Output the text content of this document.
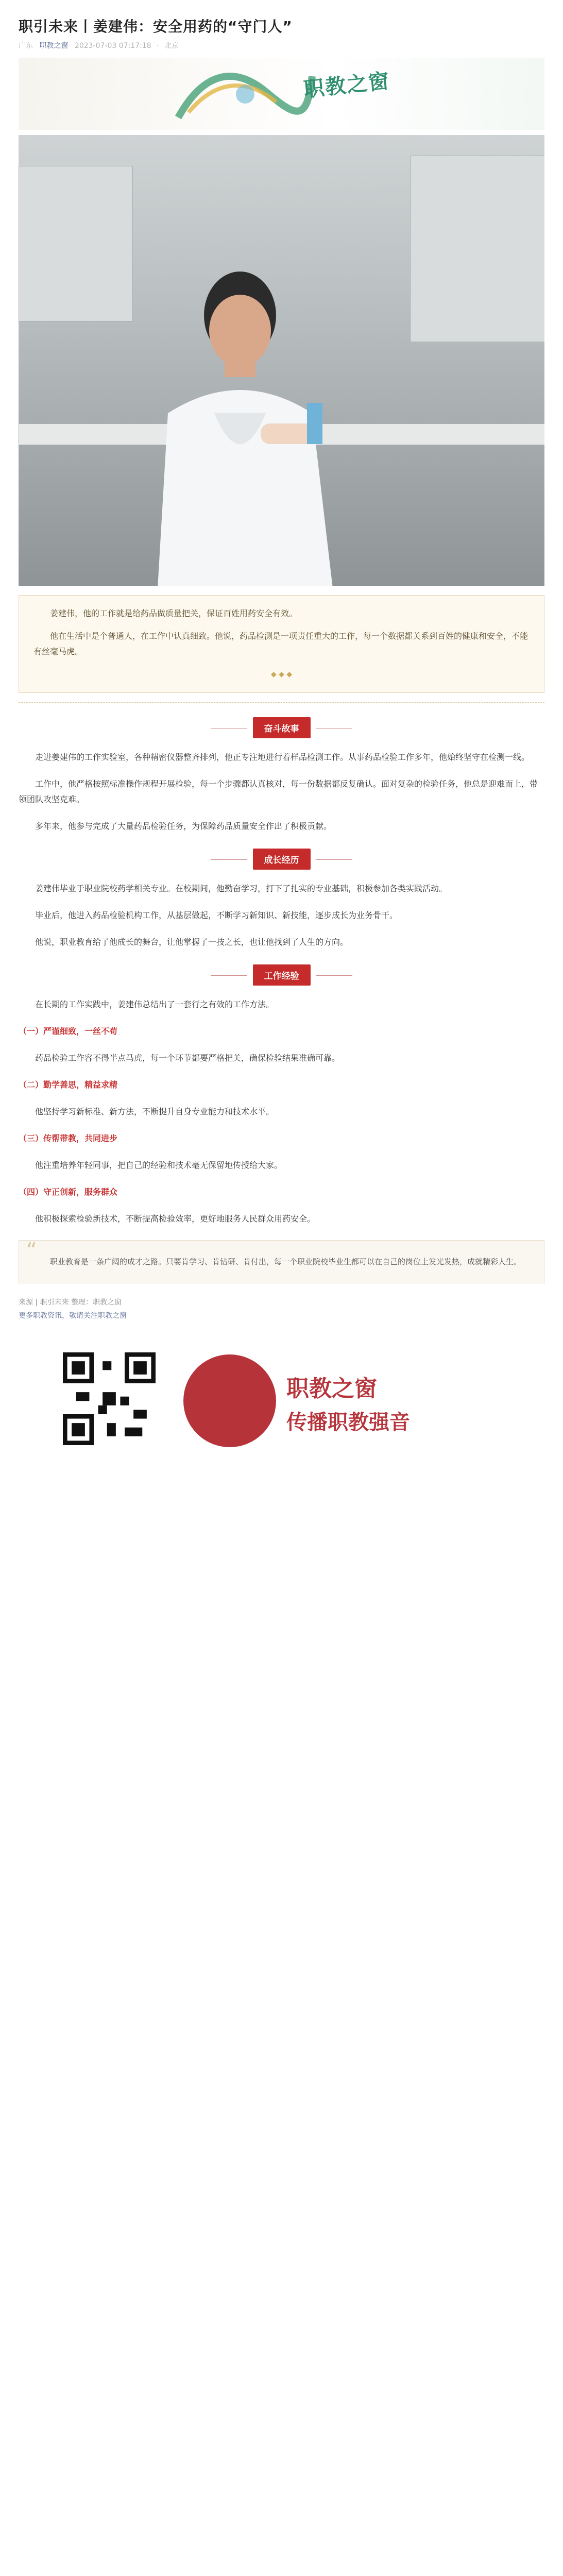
职引未来丨姜建伟：安全用药的“守门人”
广东 职教之窗 2023-07-03 07:17:18 · 北京
职教之窗

姜建伟，他的工作就是给药品做质量把关，保证百姓用药安全有效。

他在生活中是个普通人，在工作中认真细致。他说，药品检测是一项责任重大的工作，每一个数据都关系到百姓的健康和安全，不能有丝毫马虎。

◆ ◆ ◆
奋斗故事

走进姜建伟的工作实验室，各种精密仪器整齐排列，他正专注地进行着样品检测工作。从事药品检验工作多年，他始终坚守在检测一线。

工作中，他严格按照标准操作规程开展检验，每一个步骤都认真核对，每一份数据都反复确认。面对复杂的检验任务，他总是迎难而上，带领团队攻坚克难。

多年来，他参与完成了大量药品检验任务，为保障药品质量安全作出了积极贡献。

成长经历

姜建伟毕业于职业院校药学相关专业。在校期间，他勤奋学习，打下了扎实的专业基础，积极参加各类实践活动。

毕业后，他进入药品检验机构工作，从基层做起，不断学习新知识、新技能，逐步成长为业务骨干。

他说，职业教育给了他成长的舞台，让他掌握了一技之长，也让他找到了人生的方向。

工作经验

在长期的工作实践中，姜建伟总结出了一套行之有效的工作方法。

（一）严谨细致，一丝不苟

药品检验工作容不得半点马虎，每一个环节都要严格把关，确保检验结果准确可靠。

（二）勤学善思，精益求精

他坚持学习新标准、新方法，不断提升自身专业能力和技术水平。

（三）传帮带教，共同进步

他注重培养年轻同事，把自己的经验和技术毫无保留地传授给大家。

（四）守正创新，服务群众

他积极探索检验新技术，不断提高检验效率，更好地服务人民群众用药安全。

“	职业教育是一条广阔的成才之路。只要肯学习、肯钻研、肯付出，每一个职业院校毕业生都可以在自己的岗位上发光发热，成就精彩人生。

来源 | 职引未来 整理：职教之窗
更多职教资讯，敬请关注职教之窗
职教之窗
传播职教强音
